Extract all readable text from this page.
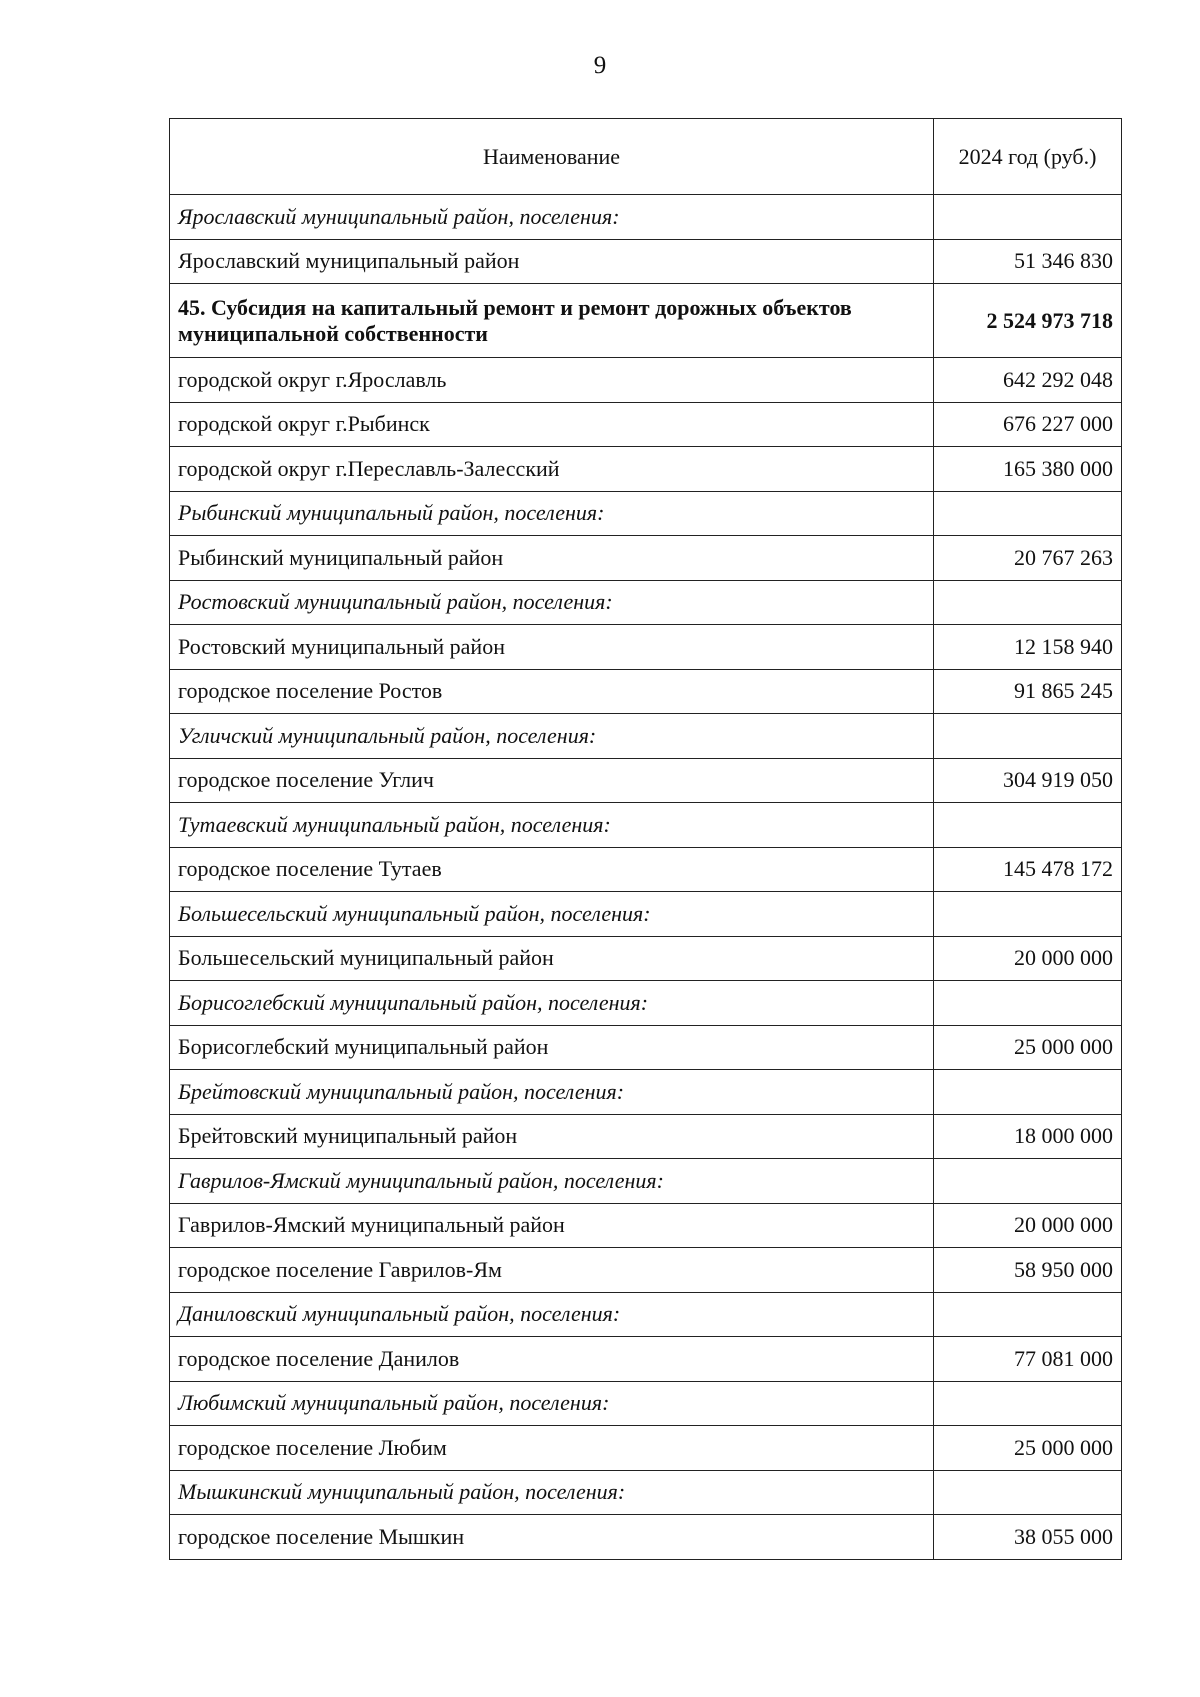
9
Наименование	2024 год (руб.)
Ярославский муниципальный район, поселения:	
Ярославский муниципальный район	51 346 830
45. Субсидия на капитальный ремонт и ремонт дорожных объектов муниципальной собственности	2 524 973 718
городской округ г.Ярославль	642 292 048
городской округ г.Рыбинск	676 227 000
городской округ г.Переславль-Залесский	165 380 000
Рыбинский муниципальный район, поселения:	
Рыбинский муниципальный район	20 767 263
Ростовский муниципальный район, поселения:	
Ростовский муниципальный район	12 158 940
городское поселение Ростов	91 865 245
Угличский муниципальный район, поселения:	
городское поселение Углич	304 919 050
Тутаевский муниципальный район, поселения:	
городское поселение Тутаев	145 478 172
Большесельский муниципальный район, поселения:	
Большесельский муниципальный район	20 000 000
Борисоглебский муниципальный район, поселения:	
Борисоглебский муниципальный район	25 000 000
Брейтовский муниципальный район, поселения:	
Брейтовский муниципальный район	18 000 000
Гаврилов-Ямский муниципальный район, поселения:	
Гаврилов-Ямский муниципальный район	20 000 000
городское поселение Гаврилов-Ям	58 950 000
Даниловский муниципальный район, поселения:	
городское поселение Данилов	77 081 000
Любимский муниципальный район, поселения:	
городское поселение Любим	25 000 000
Мышкинский муниципальный район, поселения:	
городское поселение Мышкин	38 055 000
